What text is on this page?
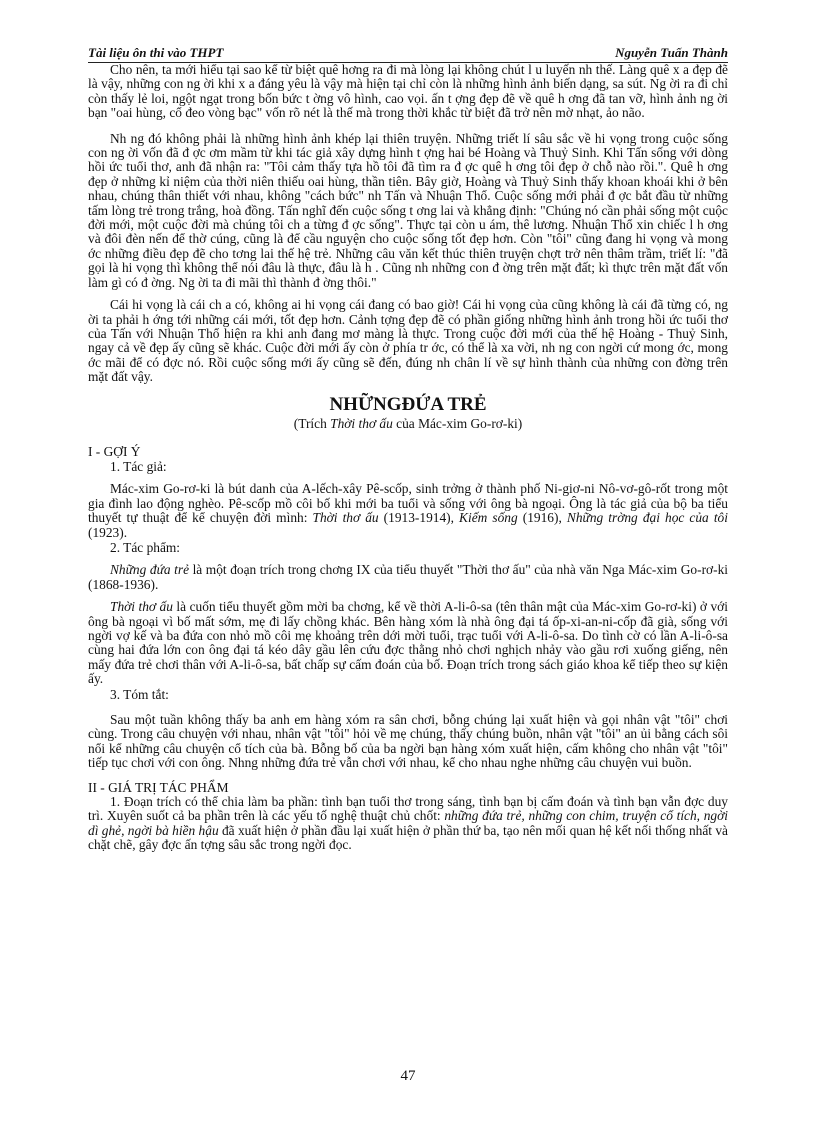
Tài liệu ôn thi vào THPT	Nguyễn Tuấn Thành

Cho nên, ta mới hiểu tại sao kể từ biệt quê hơng ra đi mà lòng lại không chút l u luyến nh thế. Làng quê x a đẹp đẽ là vậy, những con ng ời khi x a đáng yêu là vậy mà hiện tại chỉ còn là những hình ảnh biến dạng, sa sút. Ng ời ra đi chỉ còn thấy lẻ loi, ngột ngạt trong bốn bức t ờng vô hình, cao vọi. ấn t ợng đẹp đẽ về quê h ơng đã tan vỡ, hình ảnh ng ời bạn "oai hùng, cổ đeo vòng bạc" vốn rõ nét là thế mà trong thời khắc từ biệt đã trở nên mờ nhạt, ảo não.

Nh ng đó không phải là những hình ảnh khép lại thiên truyện. Những triết lí sâu sắc về hi vọng trong cuộc sống con ng ời vốn đã đ ợc ơm mầm từ khi tác giả xây dựng hình t ợng hai bé Hoàng và Thuỷ Sinh. Khi Tấn sống với dòng hồi ức tuổi thơ, anh đã nhận ra: "Tôi cảm thấy tựa hồ tôi đã tìm ra đ ợc quê h ơng tôi đẹp ở chỗ nào rồi.". Quê h ơng đẹp ở những kỉ niệm của thời niên thiếu oai hùng, thần tiên. Bây giờ, Hoàng và Thuỷ Sinh thấy khoan khoái khi ở bên nhau, chúng thân thiết với nhau, không "cách bức" nh Tấn và Nhuận Thổ. Cuộc sống mới phải đ ợc bắt đầu từ những tấm lòng trẻ trong trắng, hoà đồng. Tấn nghĩ đến cuộc sống t ơng lai và khẳng định: "Chúng nó cần phải sống một cuộc đời mới, một cuộc đời mà chúng tôi ch a từng đ ợc sống". Thực tại còn u ám, thê lương. Nhuận Thổ xin chiếc l h ơng và đôi đèn nến để thờ cúng, cũng là để cầu nguyện cho cuộc sống tốt đẹp hơn. Còn "tôi" cũng đang hi vọng và mong ớc những điều đẹp đẽ cho tơng lai thế hệ trẻ. Những câu văn kết thúc thiên truyện chợt trở nên thâm trầm, triết lí: "đã gọi là hi vọng thì không thể nói đâu là thực, đâu là h . Cũng nh những con đ ờng trên mặt đất; kì thực trên mặt đất vốn làm gì có đ ờng. Ng ời ta đi mãi thì thành đ ờng thôi."

Cái hi vọng là cái ch a có, không ai hi vọng cái đang có bao giờ! Cái hi vọng của cũng không là cái đã từng có, ng ời ta phải h ớng tới những cái mới, tốt đẹp hơn. Cảnh tợng đẹp đẽ có phần giống những hình ảnh trong hồi ức tuổi thơ của Tấn với Nhuận Thổ hiện ra khi anh đang mơ màng là thực. Trong cuộc đời mới của thế hệ Hoàng - Thuỷ Sinh, ngay cả về đẹp ấy cũng sẽ khác. Cuộc đời mới ấy còn ở phía tr ớc, có thể là xa vời, nh ng con ngời cứ mong ớc, mong ớc mãi để có đợc nó. Rồi cuộc sống mới ấy cũng sẽ đến, đúng nh chân lí về sự hình thành của những con đờng trên mặt đất vậy.

NHỮNGĐỨA TRẺ
(Trích Thời thơ ấu của Mác-xim Go-rơ-ki)
I - GỢI Ý
1. Tác giả:

Mác-xim Go-rơ-ki là bút danh của A-lếch-xây Pê-scốp, sinh trởng ở thành phố Ni-giơ-ni Nô-vơ-gô-rốt trong một gia đình lao động nghèo. Pê-scốp mồ côi bố khi mới ba tuổi và sống với ông bà ngoại. Ông là tác giả của bộ ba tiểu thuyết tự thuật để kể chuyện đời mình: Thời thơ ấu (1913-1914), Kiếm sống (1916), Những trờng đại học của tôi (1923).

2. Tác phẩm:

Những đứa trẻ là một đoạn trích trong chơng IX của tiểu thuyết "Thời thơ ấu" của nhà văn Nga Mác-xim Go-rơ-ki (1868-1936).

Thời thơ ấu là cuốn tiểu thuyết gồm mời ba chơng, kể về thời A-li-ô-sa (tên thân mật của Mác-xim Go-rơ-ki) ở với ông bà ngoại vì bố mất sớm, mẹ đi lấy chồng khác. Bên hàng xóm là nhà ông đại tá ốp-xi-an-ni-cốp đã già, sống với ngời vợ kế và ba đứa con nhỏ mồ côi mẹ khoảng trên dới mời tuổi, trạc tuổi với A-li-ô-sa. Do tình cờ có lần A-li-ô-sa cùng hai đứa lớn con ông đại tá kéo dây gầu lên cứu đợc thằng nhỏ chơi nghịch nhảy vào gầu rơi xuống giếng, nên mấy đứa trẻ chơi thân với A-li-ô-sa, bất chấp sự cấm đoán của bố. Đoạn trích trong sách giáo khoa kể tiếp theo sự kiện ấy.

3. Tóm tắt:

Sau một tuần không thấy ba anh em hàng xóm ra sân chơi, bỗng chúng lại xuất hiện và gọi nhân vật "tôi" chơi cùng. Trong câu chuyện với nhau, nhân vật "tôi" hỏi về mẹ chúng, thấy chúng buồn, nhân vật "tôi" an ủi bằng cách sôi nổi kể những câu chuyện cổ tích của bà. Bỗng bố của ba ngời bạn hàng xóm xuất hiện, cấm không cho nhân vật "tôi" tiếp tục chơi với con ông. Nhng những đứa trẻ vẫn chơi với nhau, kể cho nhau nghe những câu chuyện vui buồn.

II - GIÁ TRỊ TÁC PHẨM

1. Đoạn trích có thể chia làm ba phần: tình bạn tuổi thơ trong sáng, tình bạn bị cấm đoán và tình bạn vẫn đợc duy trì. Xuyên suốt cả ba phần trên là các yếu tố nghệ thuật chủ chốt: những đứa trẻ, những con chim, truyện cổ tích, ngời dì ghẻ, ngời bà hiền hậu đã xuất hiện ở phần đầu lại xuất hiện ở phần thứ ba, tạo nên mối quan hệ kết nối thống nhất và chặt chẽ, gây đợc ấn tợng sâu sắc trong ngời đọc.

47
